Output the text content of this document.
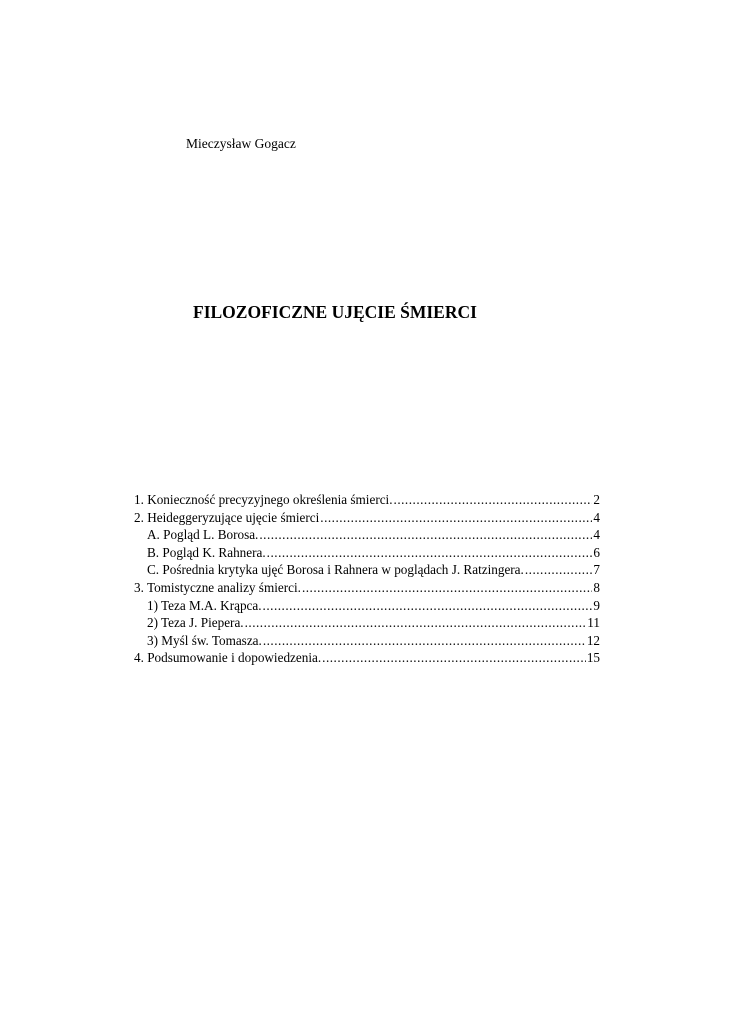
Mieczysław Gogacz
FILOZOFICZNE UJĘCIE ŚMIERCI
1. Konieczność precyzyjnego określenia śmierci. .....	2
2. Heideggeryzujące ujęcie śmierci .....	4
A. Pogląd L. Borosa. .....	4
B. Pogląd K. Rahnera. .....	6
C. Pośrednia krytyka ujęć Borosa i Rahnera w poglądach J. Ratzingera. .....	7
3. Tomistyczne analizy śmierci. .....	8
1) Teza M.A. Krąpca. .....	9
2) Teza J. Piepera. .....	11
3) Myśl św. Tomasza. .....	12
4. Podsumowanie i dopowiedzenia. .....	15
